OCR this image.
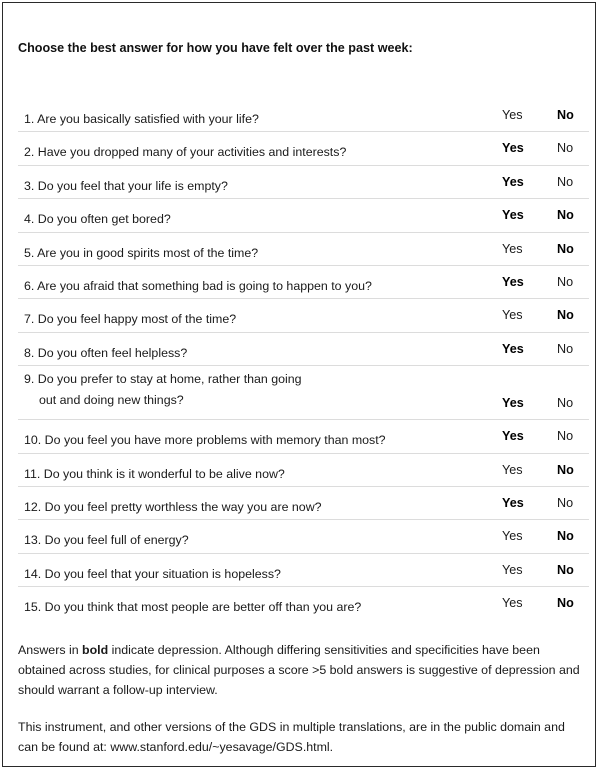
Choose the best answer for how you have felt over the past week:
1. Are you basically satisfied with your life?	Yes	No
2. Have you dropped many of your activities and interests?	Yes	No
3. Do you feel that your life is empty?	Yes	No
4. Do you often get bored?	Yes	No
5. Are you in good spirits most of the time?	Yes	No
6. Are you afraid that something bad is going to happen to you?	Yes	No
7. Do you feel happy most of the time?	Yes	No
8. Do you often feel helpless?	Yes	No
9. Do you prefer to stay at home, rather than going
out and doing new things?	Yes	No
10. Do you feel you have more problems with memory than most?	Yes	No
11. Do you think is it wonderful to be alive now?	Yes	No
12. Do you feel pretty worthless the way you are now?	Yes	No
13. Do you feel full of energy?	Yes	No
14. Do you feel that your situation is hopeless?	Yes	No
15. Do you think that most people are better off than you are?	Yes	No
Answers in bold indicate depression. Although differing sensitivities and specificities have been obtained across studies, for clinical purposes a score >5 bold answers is suggestive of depression and should warrant a follow-up interview.
This instrument, and other versions of the GDS in multiple translations, are in the public domain and can be found at: www.stanford.edu/~yesavage/GDS.html.
